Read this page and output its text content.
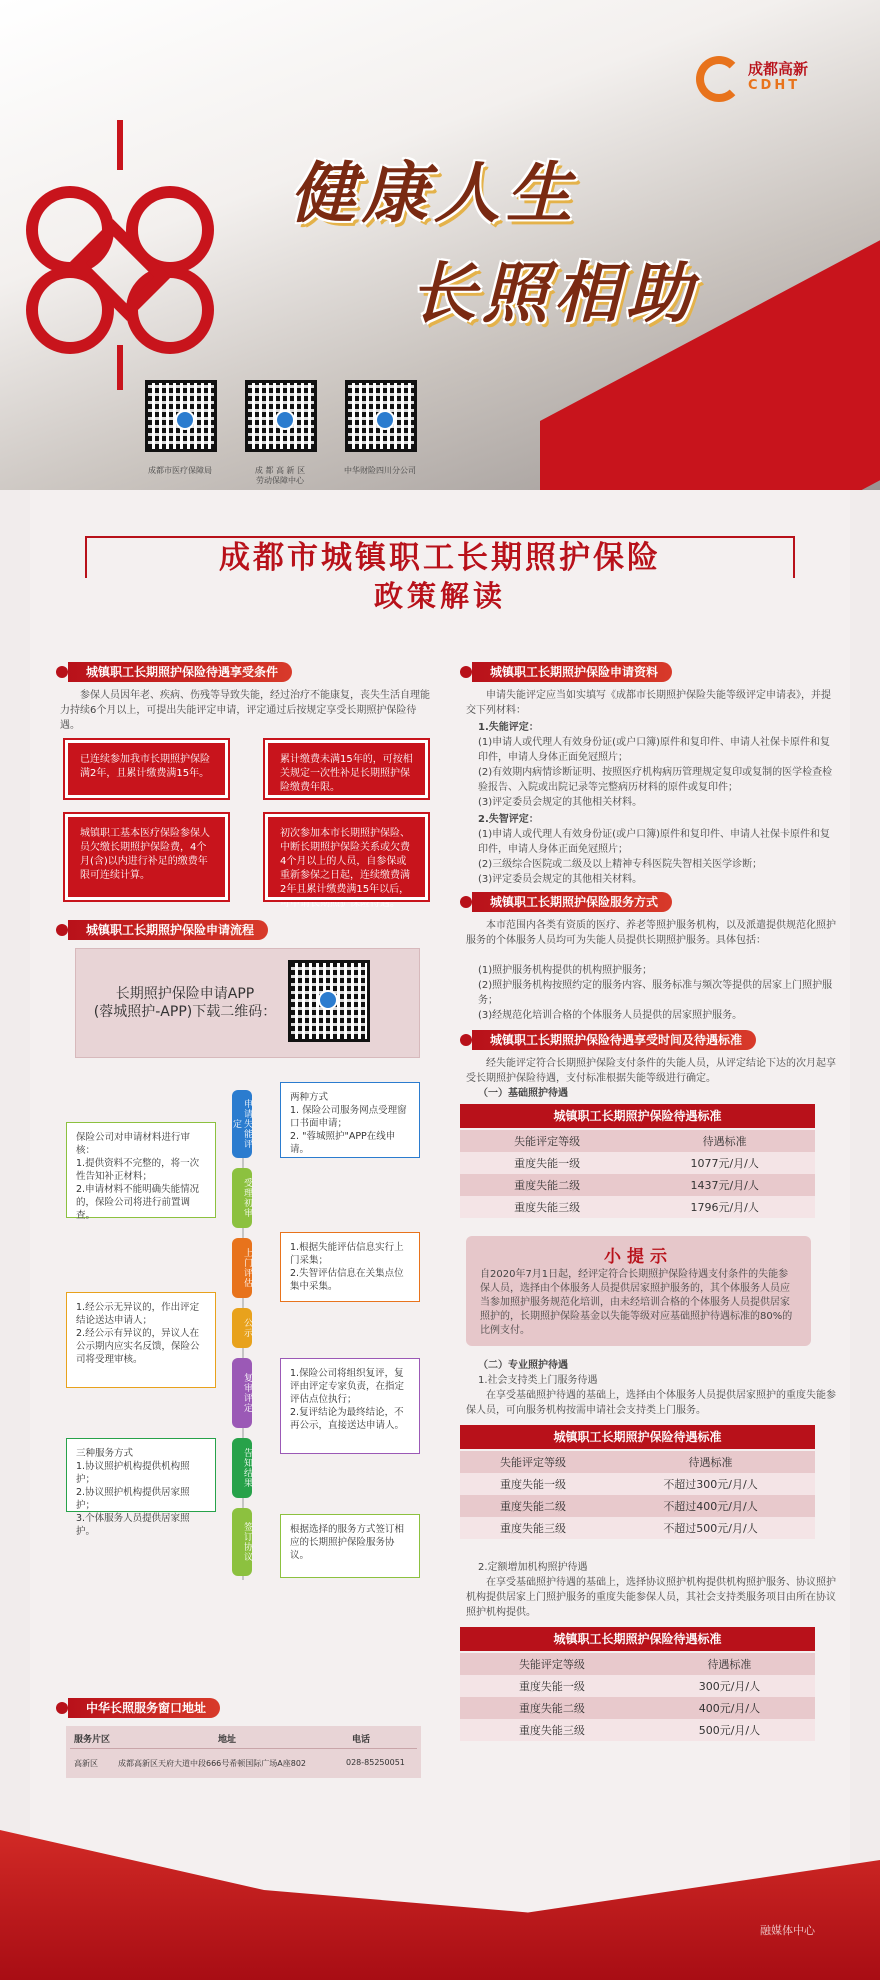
成都高新
CDHT
健康人生
长照相助
成都市医疗保障局	成 都 高 新 区
劳动保障中心
中华财险四川分公司
成都市城镇职工长期照护保险
政策解读
城镇职工长期照护保险待遇享受条件
参保人员因年老、疾病、伤残等导致失能，经过治疗不能康复，丧失生活自理能力持续6个月以上，可提出失能评定申请，评定通过后按规定享受长期照护保险待遇。
已连续参加我市长期照护保险满2年，且累计缴费满15年。
累计缴费未满15年的，可按相关规定一次性补足长期照护保险缴费年限。
城镇职工基本医疗保险参保人员欠缴长期照护保险费，4个月(含)以内进行补足的缴费年限可连续计算。
初次参加本市长期照护保险、中断长期照护保险关系或欠费4个月以上的人员，自参保或重新参保之日起，连续缴费满2年且累计缴费满15年以后，可申请长期照护保险待遇。
城镇职工长期照护保险申请流程
长期照护保险申请APP
(蓉城照护-APP)下载二维码：
申请失能评定
受理初审
上门评估
公示
复审评定
告知结果
签订协议
两种方式
1. 保险公司服务网点受理窗口书面申请；
2. "蓉城照护"APP在线申请。
保险公司对申请材料进行审核：
1.提供资料不完整的，将一次性告知补正材料；
2.申请材料不能明确失能情况的，保险公司将进行前置调查。
1.根据失能评估信息实行上门采集；
2.失智评估信息在关集点位集中采集。
1.经公示无异议的，作出评定结论送达申请人；
2.经公示有异议的，异议人在公示期内应实名反馈，保险公司将受理审核。
1.保险公司将组织复评，复评由评定专家负责，在指定评估点位执行；
2.复评结论为最终结论，不再公示，直接送达申请人。
三种服务方式
1.协议照护机构提供机构照护；
2.协议照护机构提供居家照护；
3.个体服务人员提供居家照护。	根据选择的服务方式签订相应的长期照护保险服务协议。
中华长照服务窗口地址
服务片区	地址	电话
高新区	成都高新区天府大道中段666号希顿国际广场A座802	028-85250051
城镇职工长期照护保险申请资料
申请失能评定应当如实填写《成都市长期照护保险失能等级评定申请表》，并提交下列材料：
1.失能评定：
(1)申请人或代理人有效身份证(或户口簿)原件和复印件、申请人社保卡原件和复印件，申请人身体正面免冠照片；
(2)有效期内病情诊断证明、按照医疗机构病历管理规定复印或复制的医学检查检验报告、入院或出院记录等完整病历材料的原件或复印件；
(3)评定委员会规定的其他相关材料。
2.失智评定：
(1)申请人或代理人有效身份证(或户口簿)原件和复印件、申请人社保卡原件和复印件，申请人身体正面免冠照片；
(2)三级综合医院或二级及以上精神专科医院失智相关医学诊断；
(3)评定委员会规定的其他相关材料。
城镇职工长期照护保险服务方式
本市范围内各类有资质的医疗、养老等照护服务机构，以及派遣提供规范化照护服务的个体服务人员均可为失能人员提供长期照护服务。具体包括：
(1)照护服务机构提供的机构照护服务；
(2)照护服务机构按照约定的服务内容、服务标准与频次等提供的居家上门照护服务；
(3)经规范化培训合格的个体服务人员提供的居家照护服务。
城镇职工长期照护保险待遇享受时间及待遇标准
经失能评定符合长期照护保险支付条件的失能人员，从评定结论下达的次月起享受长期照护保险待遇，支付标准根据失能等级进行确定。
（一）基础照护待遇
城镇职工长期照护保险待遇标准
失能评定等级	待遇标准
重度失能一级	1077元/月/人
重度失能二级	1437元/月/人
重度失能三级	1796元/月/人
小提示
自2020年7月1日起，经评定符合长期照护保险待遇支付条件的失能参保人员，选择由个体服务人员提供居家照护服务的，其个体服务人员应当参加照护服务规范化培训，由未经培训合格的个体服务人员提供居家照护的，长期照护保险基金以失能等级对应基础照护待遇标准的80%的比例支付。
（二）专业照护待遇
1.社会支持类上门服务待遇
在享受基础照护待遇的基础上，选择由个体服务人员提供居家照护的重度失能参保人员，可向服务机构按需申请社会支持类上门服务。
城镇职工长期照护保险待遇标准
失能评定等级	待遇标准
重度失能一级	不超过300元/月/人
重度失能二级	不超过400元/月/人
重度失能三级	不超过500元/月/人
2.定额增加机构照护待遇
在享受基础照护待遇的基础上，选择协议照护机构提供机构照护服务、协议照护机构提供居家上门照护服务的重度失能参保人员，其社会支持类服务项目由所在协议照护机构提供。
城镇职工长期照护保险待遇标准
失能评定等级	待遇标准
重度失能一级	300元/月/人
重度失能二级	400元/月/人
重度失能三级	500元/月/人
融媒体中心
